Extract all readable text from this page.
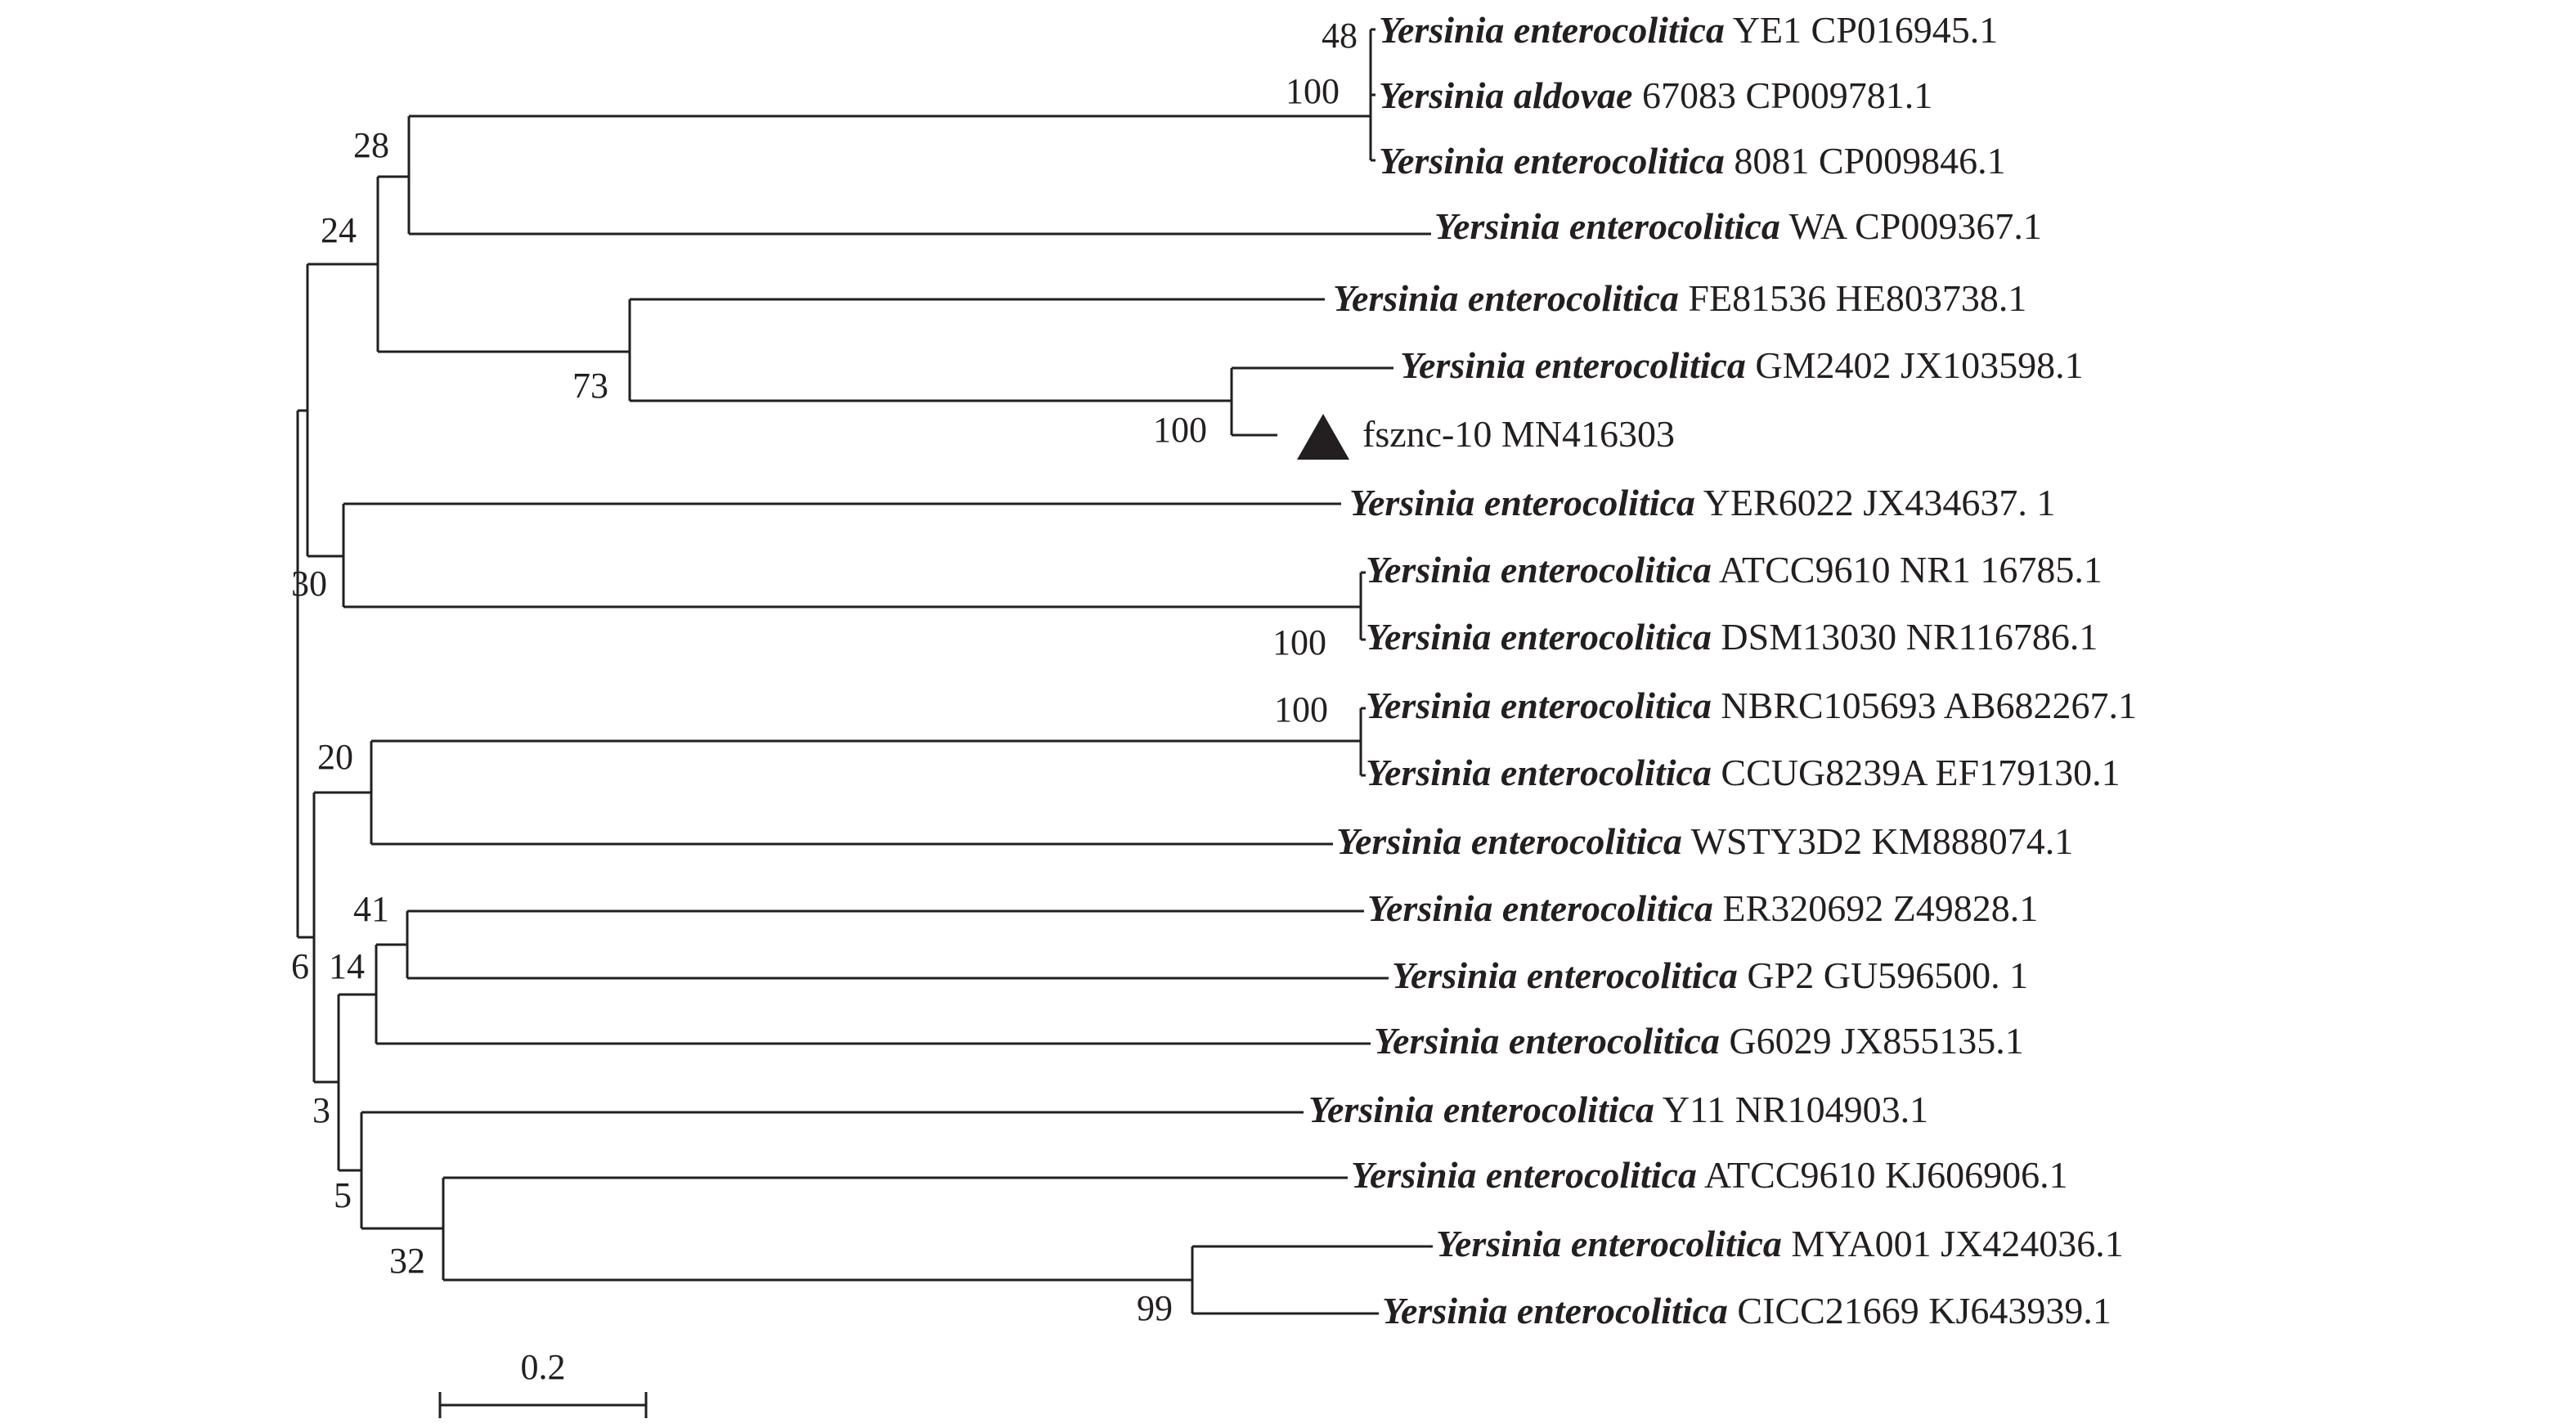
Yersinia enterocolitica YE1 CP016945.1
Yersinia aldovae 67083 CP009781.1
Yersinia enterocolitica 8081 CP009846.1
Yersinia enterocolitica WA CP009367.1
Yersinia enterocolitica FE81536 HE803738.1
Yersinia enterocolitica GM2402 JX103598.1
fsznc-10 MN416303
Yersinia enterocolitica YER6022 JX434637. 1
Yersinia enterocolitica ATCC9610 NR1 16785.1
Yersinia enterocolitica DSM13030 NR116786.1
Yersinia enterocolitica NBRC105693 AB682267.1
Yersinia enterocolitica CCUG8239A EF179130.1
Yersinia enterocolitica WSTY3D2 KM888074.1
Yersinia enterocolitica ER320692 Z49828.1
Yersinia enterocolitica GP2 GU596500. 1
Yersinia enterocolitica G6029 JX855135.1
Yersinia enterocolitica Y11 NR104903.1
Yersinia enterocolitica ATCC9610 KJ606906.1
Yersinia enterocolitica MYA001 JX424036.1
Yersinia enterocolitica CICC21669 KJ643939.1
48
100
28
24
73
100
30
100
100
20
41
6 14
3
5
32
99
0.2
